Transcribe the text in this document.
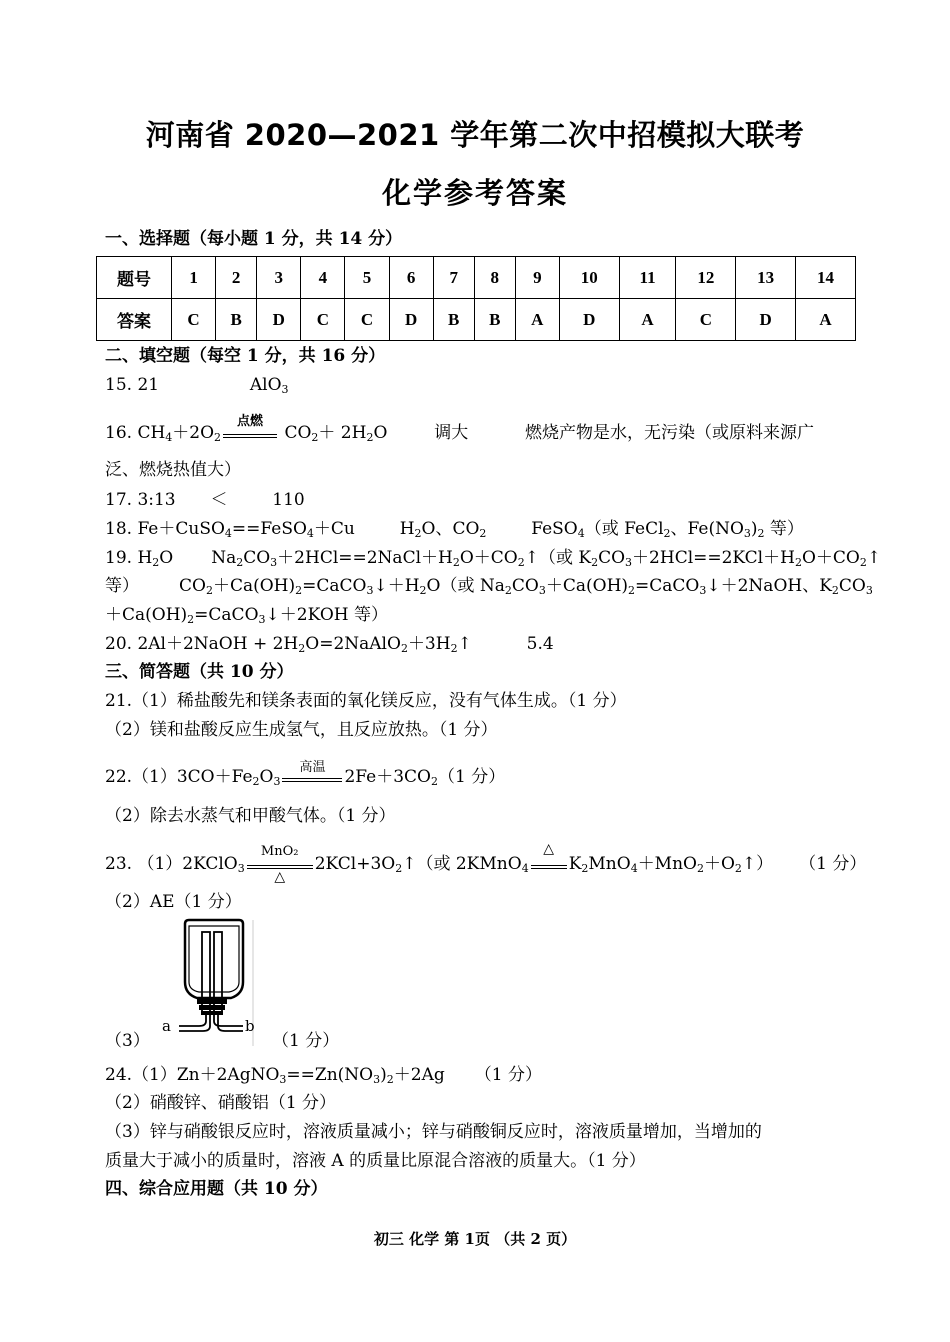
河南省 2020—2021 学年第二次中招模拟大联考
化学参考答案
一、选择题（每小题 1 分，共 14 分）
题号	1	2	3	4	5	6	7	8	9	10	11	12	13	14
答案	C	B	D	C	C	D	B	B	A	D	A	C	D	A
二、填空题（每空 1 分，共 16 分）
15. 21	AlO$_3$
16. $CH_4+2O_2$
点燃
$CO_2+ 2H_2O$	调大	燃烧产物是水，无污染（或原料来源广
泛、燃烧热值大）
17. 3:13 ＜	110
18. Fe＋CuSO$_4$==FeSO$_4$＋Cu	$H_2O$、$CO_2$	FeSO$_4$（或 FeCl$_2$、$Fe(NO_3)_2$ 等）
19. $H_2O$ $Na_2CO_3+2HCl==2NaCl+H_2O+CO_2↑$（或 $K_2CO_3+2HCl==2KCl+H_2O+CO_2↑$
等） $CO_2+Ca(OH)_2=CaCO_3↓+H_2O$（或 $Na_2CO_3+Ca(OH)_2=CaCO_3↓+2NaOH$、$K_2CO_3$
$+Ca(OH)_2=CaCO_3↓+2KOH$ 等）
20. 2Al＋2NaOH + $2H_2O=2NaAlO_2+3H_2↑$	5.4
三、简答题（共 10 分）
21.（1）稀盐酸先和镁条表面的氧化镁反应，没有气体生成。（1 分）
（2）镁和盐酸反应生成氢气，且反应放热。（1 分）
$22.(1)3CO+Fe_2O_3$
高温	$2Fe+3CO_2(1$ 分）
（2）除去水蒸气和甲酸气体。（1 分）
23. （1）2KClO$_3$
MnO₂
△
$2KCl+3O_2↑$（或 2KMnO$_4$
△
$K_2MnO_4+MnO_2+O_2↑$） （1 分）
（2）AE（1 分）
（3）
a	b
（1 分）
$24.(1)Zn+2AgNO_3==Zn(NO_3)_2+2Ag$ （1 分）
（2）硝酸锌、硝酸铝（1 分）
（3）锌与硝酸银反应时，溶液质量减小；锌与硝酸铜反应时，溶液质量增加，当增加的
质量大于减小的质量时，溶液 A 的质量比原混合溶液的质量大。（1 分）
四、综合应用题（共 10 分）
初三 化学 第 1页 （共 2 页）
